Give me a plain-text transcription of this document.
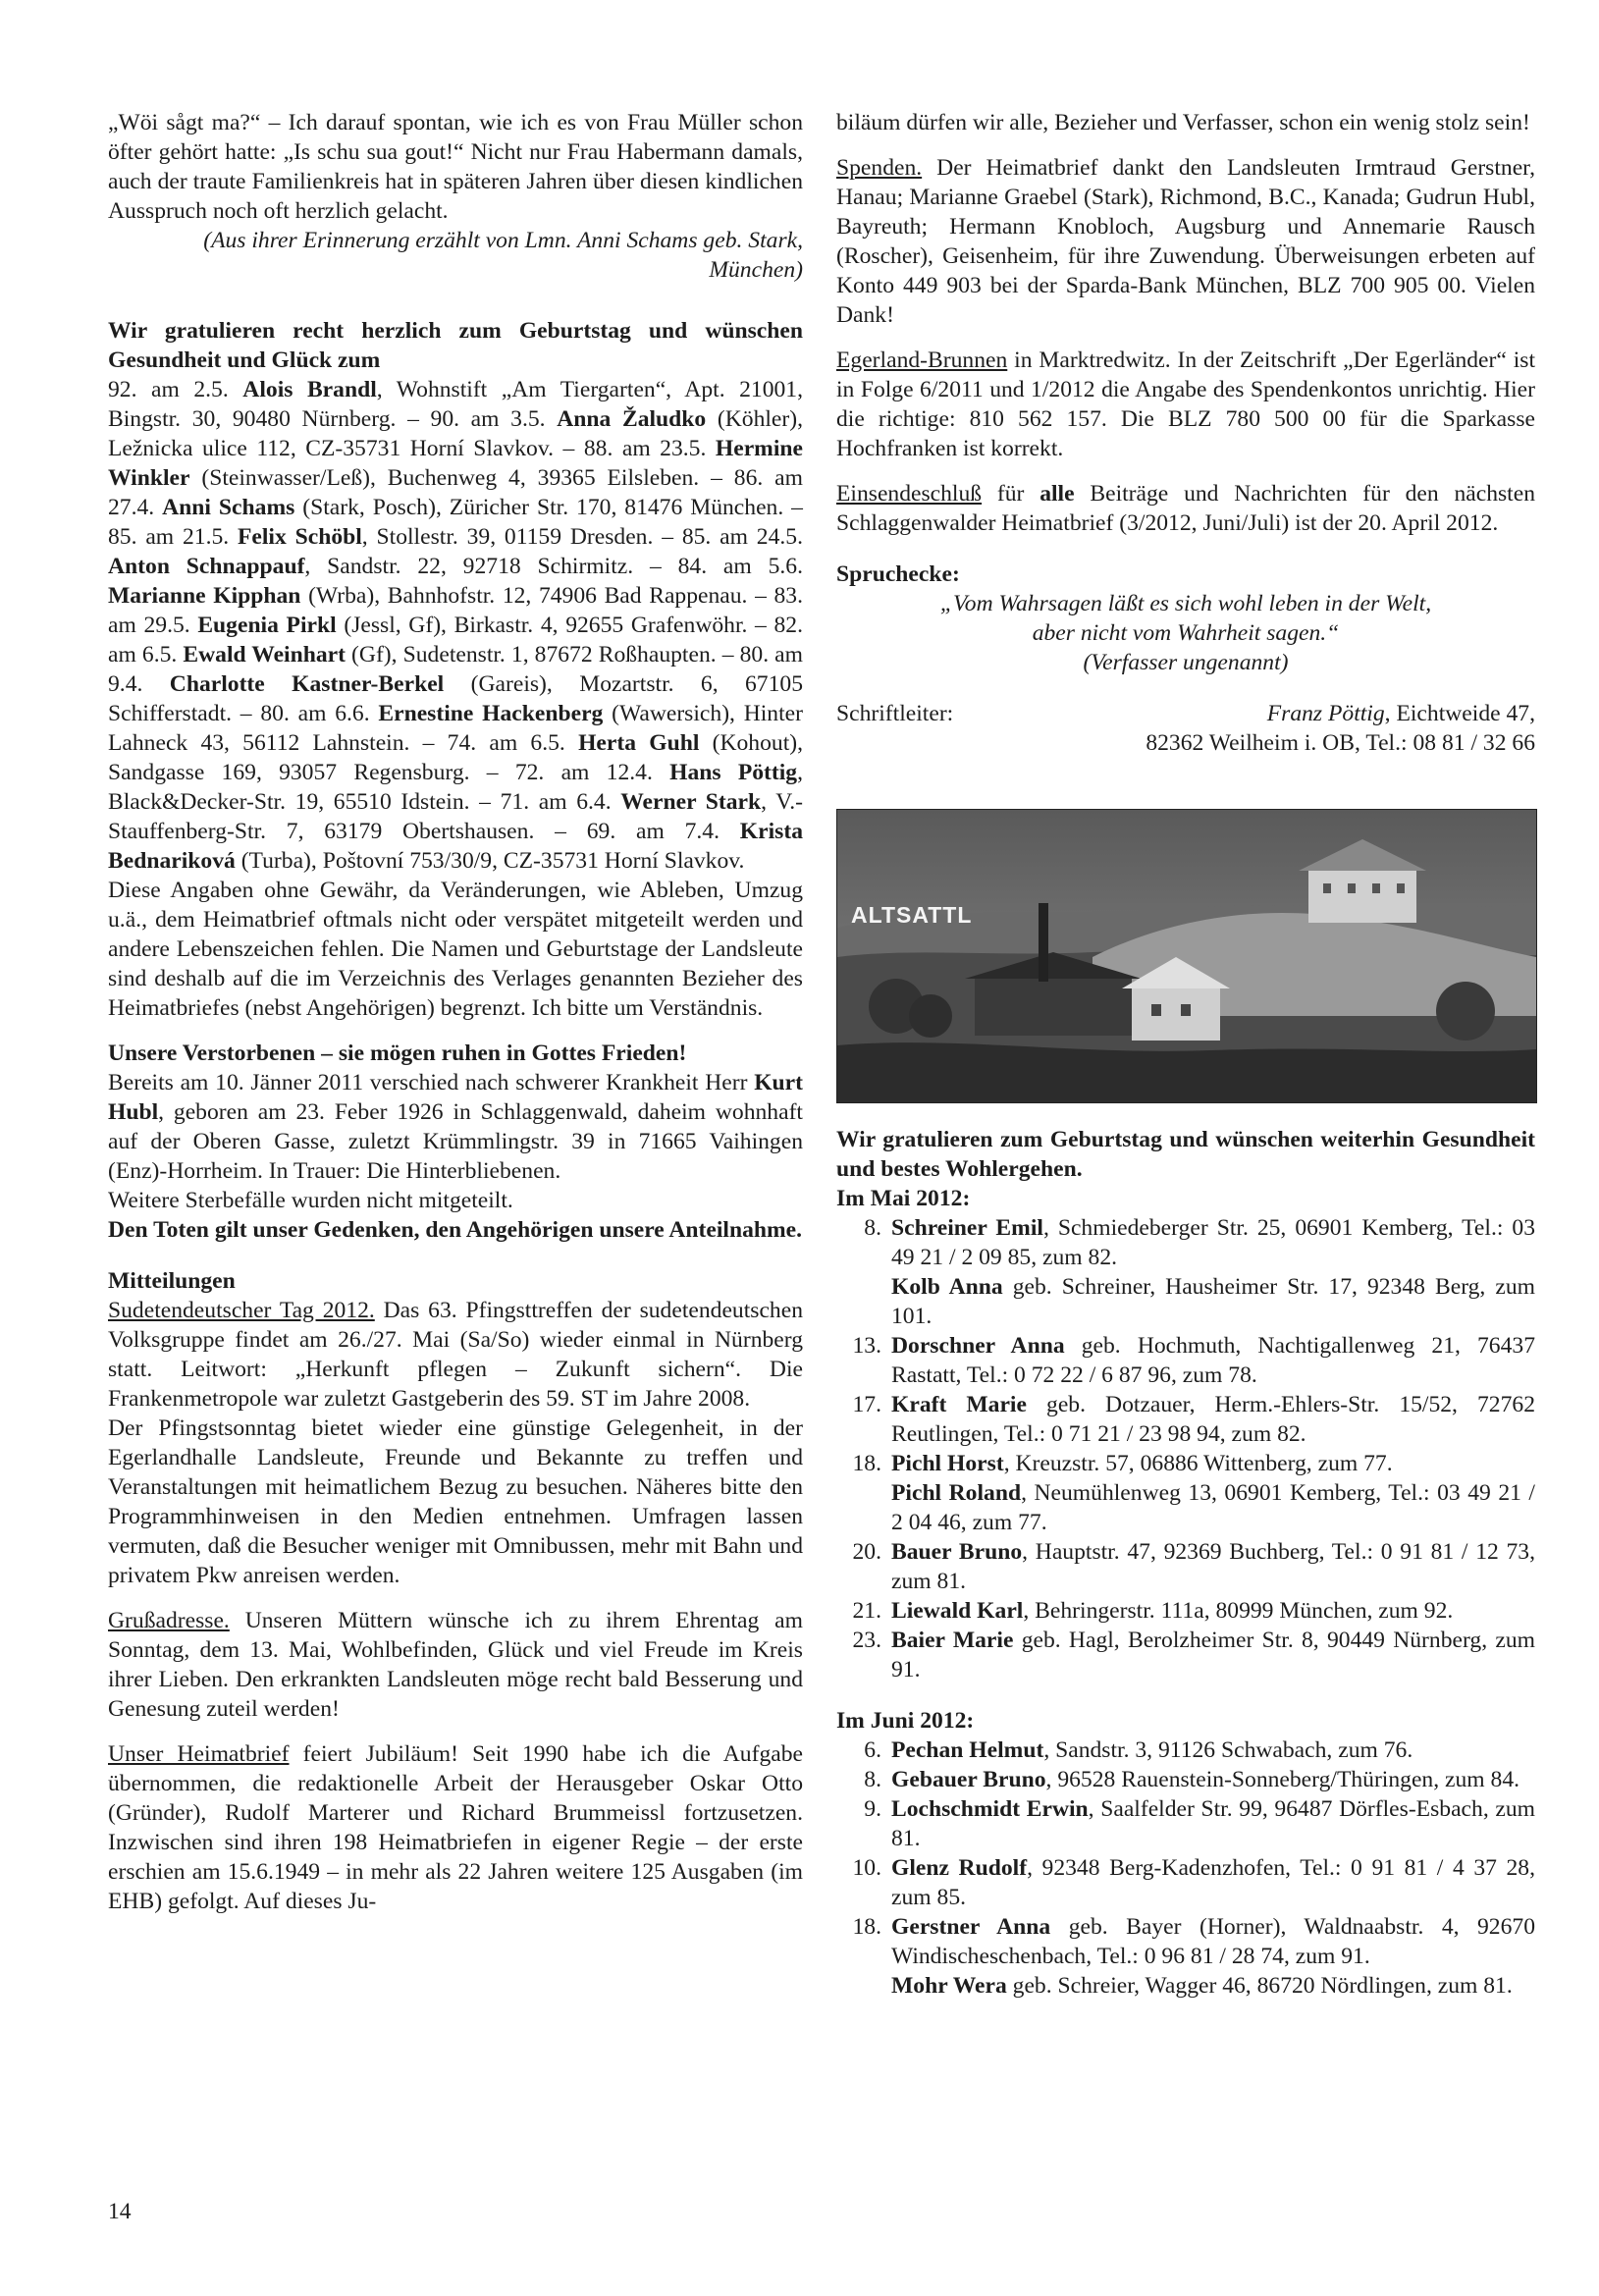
„Wöi sågt ma?“ – Ich darauf spontan, wie ich es von Frau Müller schon öfter gehört hatte: „Is schu sua gout!“ Nicht nur Frau Habermann damals, auch der traute Familienkreis hat in späteren Jahren über diesen kindlichen Ausspruch noch oft herzlich gelacht.

(Aus ihrer Erinnerung erzählt von Lmn. Anni Schams geb. Stark, München)

Wir gratulieren recht herzlich zum Geburtstag und wünschen Gesundheit und Glück zum

92. am 2.5. Alois Brandl, Wohnstift „Am Tiergarten“, Apt. 21001, Bingstr. 30, 90480 Nürnberg. – 90. am 3.5. Anna Žaludko (Köhler), Ležnicka ulice 112, CZ-35731 Horní Slavkov. – 88. am 23.5. Hermine Winkler (Steinwasser/Leß), Buchenweg 4, 39365 Eilsleben. – 86. am 27.4. Anni Schams (Stark, Posch), Züricher Str. 170, 81476 München. – 85. am 21.5. Felix Schöbl, Stollestr. 39, 01159 Dresden. – 85. am 24.5. Anton Schnappauf, Sandstr. 22, 92718 Schirmitz. – 84. am 5.6. Marianne Kipphan (Wrba), Bahnhofstr. 12, 74906 Bad Rappenau. – 83. am 29.5. Eugenia Pirkl (Jessl, Gf), Birkastr. 4, 92655 Grafenwöhr. – 82. am 6.5. Ewald Weinhart (Gf), Sudetenstr. 1, 87672 Roßhaupten. – 80. am 9.4. Charlotte Kastner-Berkel (Gareis), Mozartstr. 6, 67105 Schifferstadt. – 80. am 6.6. Ernestine Hackenberg (Wawersich), Hinter Lahneck 43, 56112 Lahnstein. – 74. am 6.5. Herta Guhl (Kohout), Sandgasse 169, 93057 Regensburg. – 72. am 12.4. Hans Pöttig, Black&Decker-Str. 19, 65510 Idstein. – 71. am 6.4. Werner Stark, V.-Stauffenberg-Str. 7, 63179 Obertshausen. – 69. am 7.4. Krista Bednariková (Turba), Poštovní 753/30/9, CZ-35731 Horní Slavkov.

Diese Angaben ohne Gewähr, da Veränderungen, wie Ableben, Umzug u.ä., dem Heimatbrief oftmals nicht oder verspätet mitgeteilt werden und andere Lebenszeichen fehlen. Die Namen und Geburtstage der Landsleute sind deshalb auf die im Verzeichnis des Verlages genannten Bezieher des Heimatbriefes (nebst Angehörigen) begrenzt. Ich bitte um Verständnis.

Unsere Verstorbenen – sie mögen ruhen in Gottes Frieden!

Bereits am 10. Jänner 2011 verschied nach schwerer Krankheit Herr Kurt Hubl, geboren am 23. Feber 1926 in Schlaggenwald, daheim wohnhaft auf der Oberen Gasse, zuletzt Krümmlingstr. 39 in 71665 Vaihingen (Enz)-Horrheim. In Trauer: Die Hinterbliebenen.

Weitere Sterbefälle wurden nicht mitgeteilt.

Den Toten gilt unser Gedenken, den Angehörigen unsere Anteilnahme.

Mitteilungen

Sudetendeutscher Tag 2012. Das 63. Pfingsttreffen der sudetendeutschen Volksgruppe findet am 26./27. Mai (Sa/So) wieder einmal in Nürnberg statt. Leitwort: „Herkunft pflegen – Zukunft sichern“. Die Frankenmetropole war zuletzt Gastgeberin des 59. ST im Jahre 2008.

Der Pfingstsonntag bietet wieder eine günstige Gelegenheit, in der Egerlandhalle Landsleute, Freunde und Bekannte zu treffen und Veranstaltungen mit heimatlichem Bezug zu besuchen. Näheres bitte den Programmhinweisen in den Medien entnehmen. Umfragen lassen vermuten, daß die Besucher weniger mit Omnibussen, mehr mit Bahn und privatem Pkw anreisen werden.

Grußadresse. Unseren Müttern wünsche ich zu ihrem Ehrentag am Sonntag, dem 13. Mai, Wohlbefinden, Glück und viel Freude im Kreis ihrer Lieben. Den erkrankten Landsleuten möge recht bald Besserung und Genesung zuteil werden!

Unser Heimatbrief feiert Jubiläum! Seit 1990 habe ich die Aufgabe übernommen, die redaktionelle Arbeit der Herausgeber Oskar Otto (Gründer), Rudolf Marterer und Richard Brummeissl fortzusetzen. Inzwischen sind ihren 198 Heimatbriefen in eigener Regie – der erste erschien am 15.6.1949 – in mehr als 22 Jahren weitere 125 Ausgaben (im EHB) gefolgt. Auf dieses Ju-

biläum dürfen wir alle, Bezieher und Verfasser, schon ein wenig stolz sein!

Spenden. Der Heimatbrief dankt den Landsleuten Irmtraud Gerstner, Hanau; Marianne Graebel (Stark), Richmond, B.C., Kanada; Gudrun Hubl, Bayreuth; Hermann Knobloch, Augsburg und Annemarie Rausch (Roscher), Geisenheim, für ihre Zuwendung. Überweisungen erbeten auf Konto 449 903 bei der Sparda-Bank München, BLZ 700 905 00. Vielen Dank!

Egerland-Brunnen in Marktredwitz. In der Zeitschrift „Der Egerländer“ ist in Folge 6/2011 und 1/2012 die Angabe des Spendenkontos unrichtig. Hier die richtige: 810 562 157. Die BLZ 780 500 00 für die Sparkasse Hochfranken ist korrekt.

Einsendeschluß für alle Beiträge und Nachrichten für den nächsten Schlaggenwalder Heimatbrief (3/2012, Juni/Juli) ist der 20. April 2012.

Spruchecke:

„Vom Wahrsagen läßt es sich wohl leben in der Welt,

aber nicht vom Wahrheit sagen.“

(Verfasser ungenannt)

Schriftleiter:	Franz Pöttig, Eichtweide 47,

82362 Weilheim i. OB, Tel.: 08 81 / 32 66

ALTSATTL

Wir gratulieren zum Geburtstag und wünschen weiterhin Gesundheit und bestes Wohlergehen.

Im Mai 2012:

8.	Schreiner Emil, Schmiedeberger Str. 25, 06901 Kemberg, Tel.: 03 49 21 / 2 09 85, zum 82.
	Kolb Anna geb. Schreiner, Hausheimer Str. 17, 92348 Berg, zum 101.
13.	Dorschner Anna geb. Hochmuth, Nachtigallenweg 21, 76437 Rastatt, Tel.: 0 72 22 / 6 87 96, zum 78.
17.	Kraft Marie geb. Dotzauer, Herm.-Ehlers-Str. 15/52, 72762 Reutlingen, Tel.: 0 71 21 / 23 98 94, zum 82.
18.	Pichl Horst, Kreuzstr. 57, 06886 Wittenberg, zum 77.
	Pichl Roland, Neumühlenweg 13, 06901 Kemberg, Tel.: 03 49 21 / 2 04 46, zum 77.
20.	Bauer Bruno, Hauptstr. 47, 92369 Buchberg, Tel.: 0 91 81 / 12 73, zum 81.
21.	Liewald Karl, Behringerstr. 111a, 80999 München, zum 92.
23.	Baier Marie geb. Hagl, Berolzheimer Str. 8, 90449 Nürnberg, zum 91.

Im Juni 2012:

6.	Pechan Helmut, Sandstr. 3, 91126 Schwabach, zum 76.
8.	Gebauer Bruno, 96528 Rauenstein-Sonneberg/Thüringen, zum 84.
9.	Lochschmidt Erwin, Saalfelder Str. 99, 96487 Dörfles-Esbach, zum 81.
10.	Glenz Rudolf, 92348 Berg-Kadenzhofen, Tel.: 0 91 81 / 4 37 28, zum 85.
18.	Gerstner Anna geb. Bayer (Horner), Waldnaabstr. 4, 92670 Windischeschenbach, Tel.: 0 96 81 / 28 74, zum 91.
	Mohr Wera geb. Schreier, Wagger 46, 86720 Nördlingen, zum 81.
14
